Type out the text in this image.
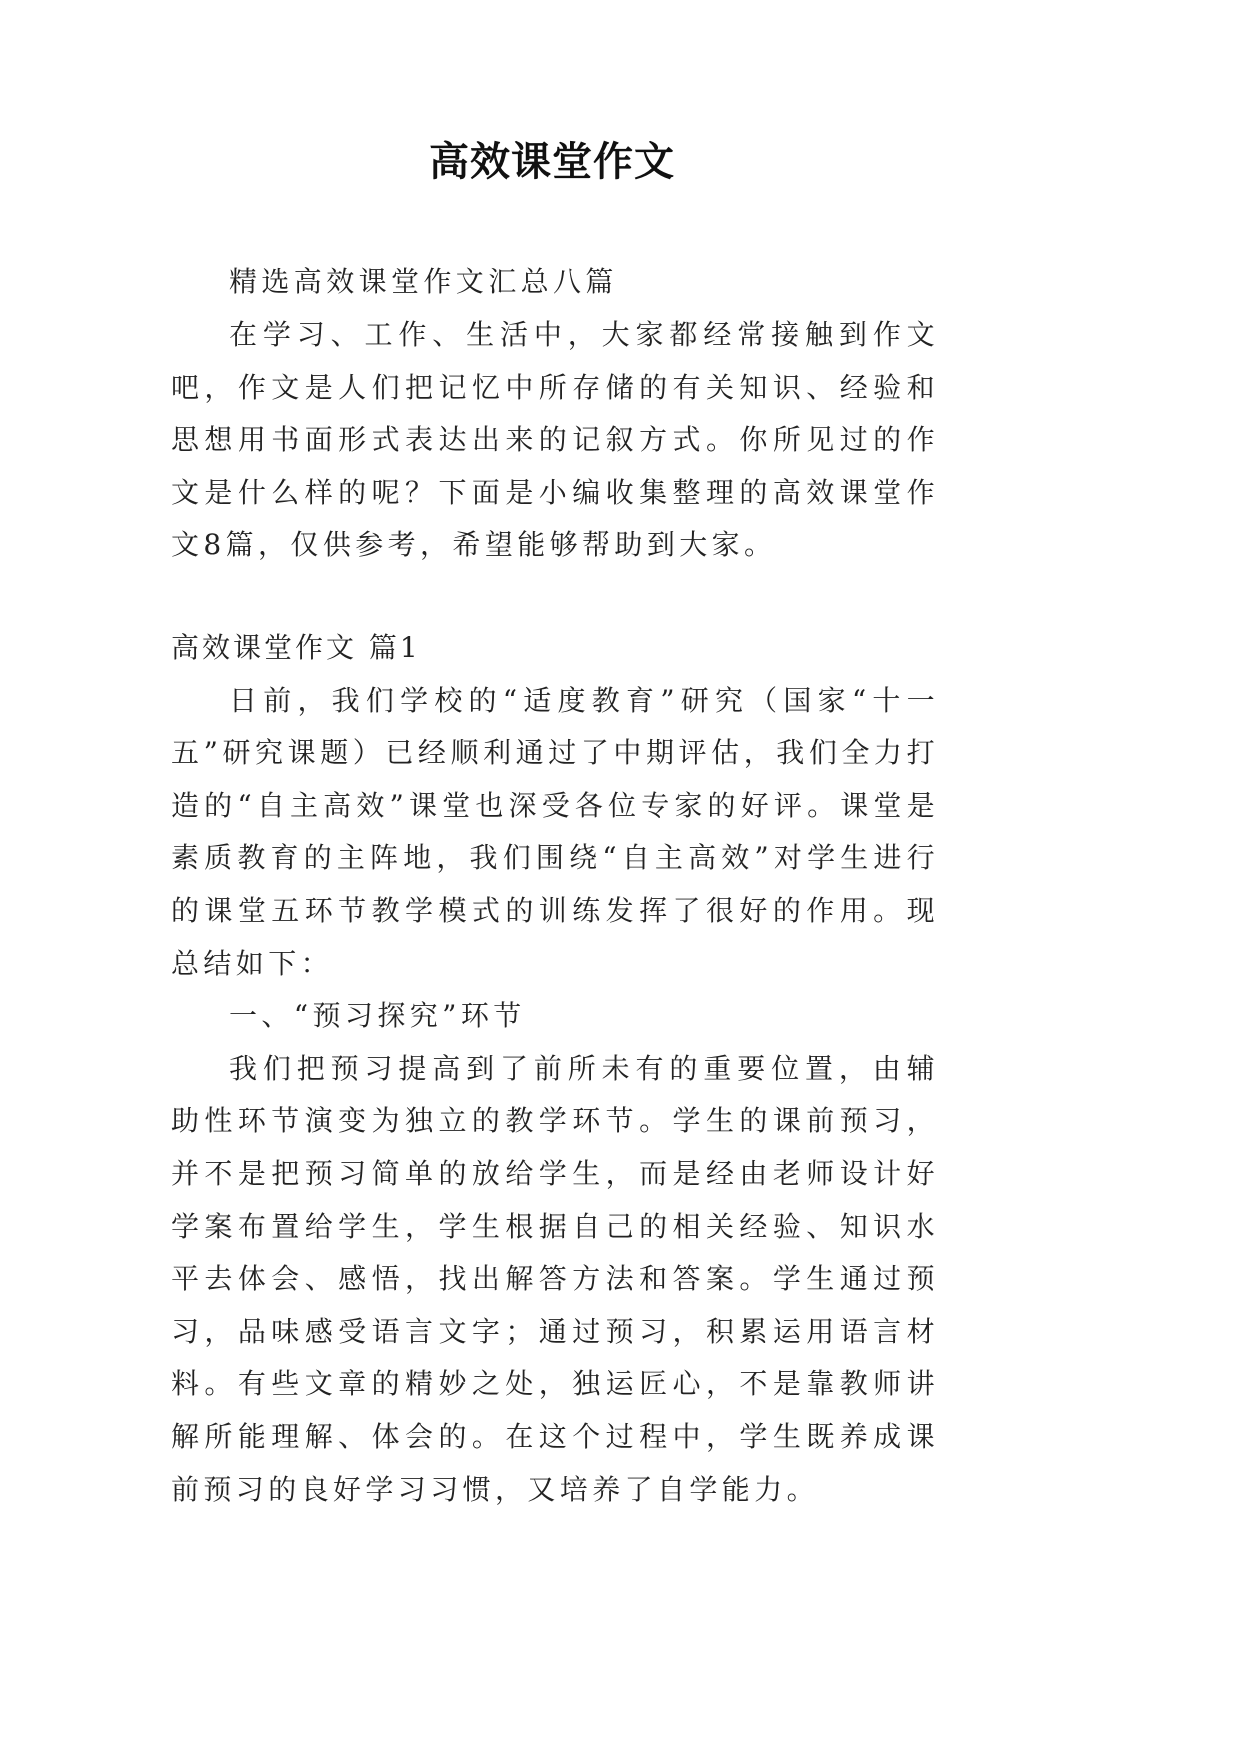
高效课堂作文

精选高效课堂作文汇总八篇

在学习、工作、生活中，大家都经常接触到作文吧，作文是人们把记忆中所存储的有关知识、经验和思想用书面形式表达出来的记叙方式。你所见过的作文是什么样的呢？下面是小编收集整理的高效课堂作文8篇，仅供参考，希望能够帮助到大家。

高效课堂作文 篇1

日前，我们学校的“适度教育”研究（国家“十一五”研究课题）已经顺利通过了中期评估，我们全力打造的“自主高效”课堂也深受各位专家的好评。课堂是素质教育的主阵地，我们围绕“自主高效”对学生进行的课堂五环节教学模式的训练发挥了很好的作用。现总结如下：

一、“预习探究”环节

我们把预习提高到了前所未有的重要位置，由辅助性环节演变为独立的教学环节。学生的课前预习，并不是把预习简单的放给学生，而是经由老师设计好学案布置给学生，学生根据自己的相关经验、知识水平去体会、感悟，找出解答方法和答案。学生通过预习，品味感受语言文字；通过预习，积累运用语言材料。有些文章的精妙之处，独运匠心，不是靠教师讲解所能理解、体会的。在这个过程中，学生既养成课前预习的良好学习习惯，又培养了自学能力。
